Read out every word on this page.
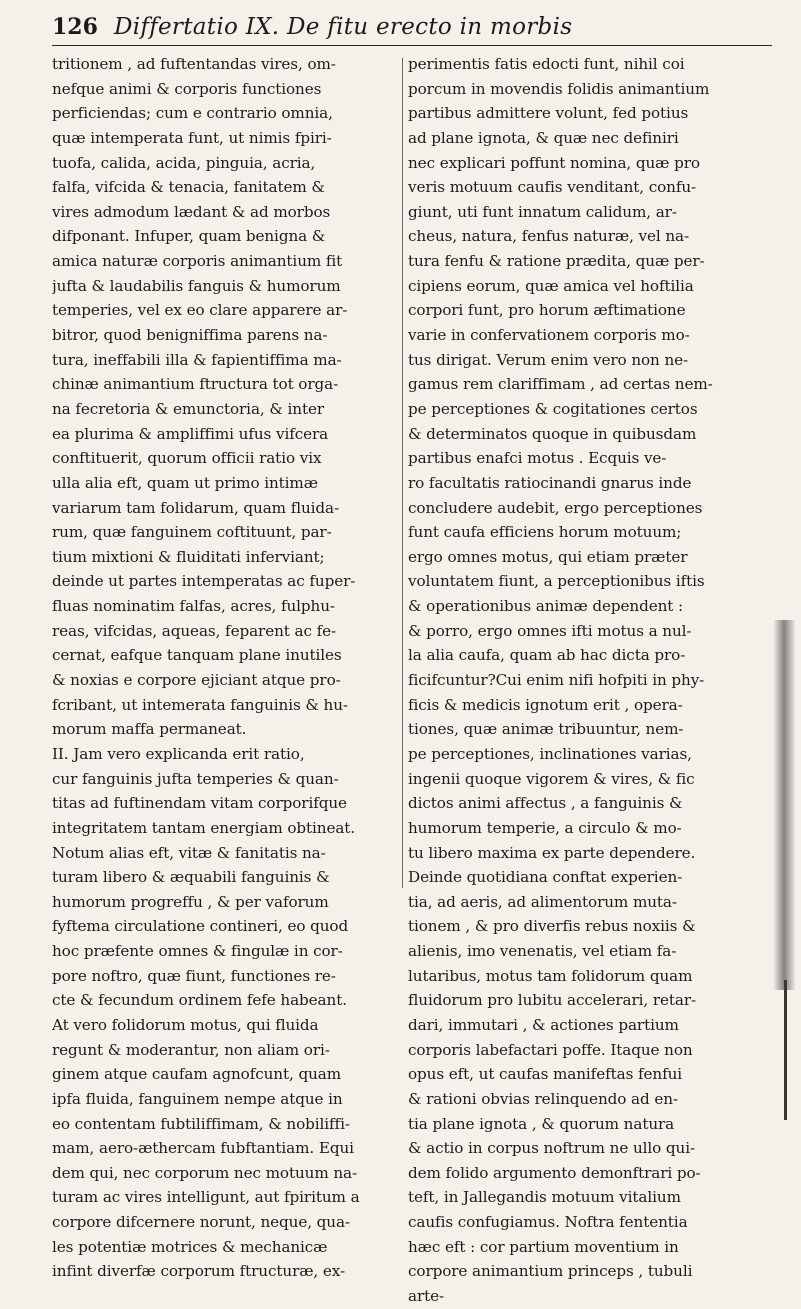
126 Differtatio IX. De fitu erecto in morbis
tritionem , ad fuftentandas vires, om-
nefque animi & corporis functiones
perficiendas; cum e contrario omnia,
quæ intemperata funt, ut nimis fpiri-
tuofa, calida, acida, pinguia, acria,
falfa, vifcida & tenacia, fanitatem &
vires admodum lædant & ad morbos
difponant. Infuper, quam benigna &
amica naturæ corporis animantium fit
jufta & laudabilis fanguis & humorum
temperies, vel ex eo clare apparere ar-
bitror, quod benigniffima parens na-
tura, ineffabili illa & fapientiffima ma-
chinæ animantium ftructura tot orga-
na fecretoria & emunctoria, & inter
ea plurima & ampliffimi ufus vifcera
conftituerit, quorum officii ratio vix
ulla alia eft, quam ut primo intimæ
variarum tam folidarum, quam fluida-
rum, quæ fanguinem coftituunt, par-
tium mixtioni & fluiditati inferviant;
deinde ut partes intemperatas ac fuper-
fluas nominatim falfas, acres, fulphu-
reas, vifcidas, aqueas, feparent ac fe-
cernat, eafque tanquam plane inutiles
& noxias e corpore ejiciant atque pro-
fcribant, ut intemerata fanguinis & hu-
morum maffa permaneat.
II. Jam vero explicanda erit ratio,
cur fanguinis jufta temperies & quan-
titas ad fuftinendam vitam corporifque
integritatem tantam energiam obtineat.
Notum alias eft, vitæ & fanitatis na-
turam libero & æquabili fanguinis &
humorum progreffu , & per vaforum
fyftema circulatione contineri, eo quod
hoc præfente omnes & fingulæ in cor-
pore noftro, quæ fiunt, functiones re-
cte & fecundum ordinem fefe habeant.
At vero folidorum motus, qui fluida
regunt & moderantur, non aliam ori-
ginem atque caufam agnofcunt, quam
ipfa fluida, fanguinem nempe atque in
eo contentam fubtiliffimam, & nobiliffi-
mam, aero-æthercam fubftantiam. Equi
dem qui, nec corporum nec motuum na-
turam ac vires intelligunt, aut fpiritum a
corpore difcernere norunt, neque, qua-
les potentiæ motrices & mechanicæ
infint diverfæ corporum ftructuræ, ex-
perimentis fatis edocti funt, nihil coi
porcum in movendis folidis animantium
partibus admittere volunt, fed potius
ad plane ignota, & quæ nec definiri
nec explicari poffunt nomina, quæ pro
veris motuum caufis venditant, confu-
giunt, uti funt innatum calidum, ar-
cheus, natura, fenfus naturæ, vel na-
tura fenfu & ratione prædita, quæ per-
cipiens eorum, quæ amica vel hoftilia
corpori funt, pro horum æftimatione
varie in confervationem corporis mo-
tus dirigat. Verum enim vero non ne-
gamus rem clariffimam , ad certas nem-
pe perceptiones & cogitationes certos
& determinatos quoque in quibusdam
partibus enafci motus . Ecquis ve-
ro facultatis ratiocinandi gnarus inde
concludere audebit, ergo perceptiones
funt caufa efficiens horum motuum;
ergo omnes motus, qui etiam præter
voluntatem fiunt, a perceptionibus iftis
& operationibus animæ dependent :
& porro, ergo omnes ifti motus a nul-
la alia caufa, quam ab hac dicta pro-
ficifcuntur?Cui enim nifi hofpiti in phy-
ficis & medicis ignotum erit , opera-
tiones, quæ animæ tribuuntur, nem-
pe perceptiones, inclinationes varias,
ingenii quoque vigorem & vires, & fic
dictos animi affectus , a fanguinis &
humorum temperie, a circulo & mo-
tu libero maxima ex parte dependere.
Deinde quotidiana conftat experien-
tia, ad aeris, ad alimentorum muta-
tionem , & pro diverfis rebus noxiis &
alienis, imo venenatis, vel etiam fa-
lutaribus, motus tam folidorum quam
fluidorum pro lubitu accelerari, retar-
dari, immutari , & actiones partium
corporis labefactari poffe. Itaque non
opus eft, ut caufas manifeftas fenfui
& rationi obvias relinquendo ad en-
tia plane ignota , & quorum natura
& actio in corpus noftrum ne ullo qui-
dem folido argumento demonftrari po-
teft, in Jallegandis motuum vitalium
caufis confugiamus. Noftra fententia
hæc eft : cor partium moventium in
corpore animantium princeps , tubuli
arte-
